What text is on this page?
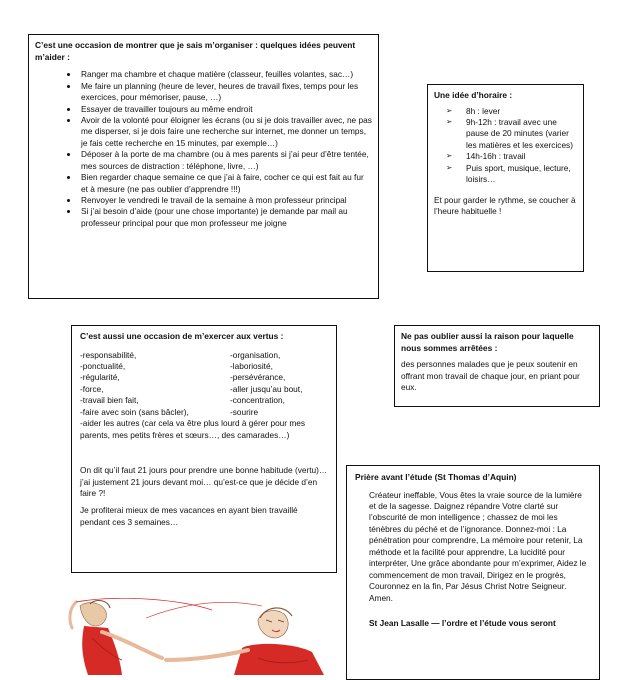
C’est une occasion de montrer que je sais m’organiser : quelques idées peuvent m’aider :
• Ranger ma chambre et chaque matière (classeur, feuilles volantes, sac…)
• Me faire un planning (heure de lever, heures de travail fixes, temps pour les exercices, pour mémoriser, pause, …)
• Essayer de travailler toujours au même endroit
• Avoir de la volonté pour éloigner les écrans (ou si je dois travailler avec, ne pas me disperser, si je dois faire une recherche sur internet, me donner un temps, je fais cette recherche en 15 minutes, par exemple…)
• Déposer à la porte de ma chambre (ou à mes parents si j’ai peur d’être tentée, mes sources de distraction : téléphone, livre, …)
• Bien regarder chaque semaine ce que j’ai à faire, cocher ce qui est fait au fur et à mesure (ne pas oublier d’apprendre !!!)
• Renvoyer le vendredi le travail de la semaine à mon professeur principal
• Si j’ai besoin d’aide (pour une chose importante) je demande par mail au professeur principal pour que mon professeur me joigne
Une idée d’horaire :
➢ 8h : lever
➢ 9h-12h : travail avec une pause de 20 minutes (varier les matières et les exercices)
➢ 14h-16h : travail
➢ Puis sport, musique, lecture, loisirs…

Et pour garder le rythme, se coucher à l’heure habituelle !

C’est aussi une occasion de m’exercer aux vertus :
-responsabilité,	-organisation,
-ponctualité,	-laboriosité,
-régularité,	-persévérance,
-force,	-aller jusqu’au bout,
-travail bien fait,	-concentration,
-faire avec soin (sans bâcler),	-sourire

-aider les autres (car cela va être plus lourd à gérer pour mes parents, mes petits frères et sœurs…, des camarades…)

On dit qu’il faut 21 jours pour prendre une bonne habitude (vertu)… j’ai justement 21 jours devant moi… qu’est-ce que je décide d’en faire ?!

Je profiterai mieux de mes vacances en ayant bien travaillé pendant ces 3 semaines…

Ne pas oublier aussi la raison pour laquelle nous sommes arrêtées :

des personnes malades que je peux soutenir en offrant mon travail de chaque jour, en priant pour eux.

Prière avant l’étude (St Thomas d’Aquin)

Créateur ineffable, Vous êtes la vraie source de la lumière et de la sagesse. Daignez répandre Votre clarté sur l’obscurité de mon intelligence ; chassez de moi les ténèbres du péché et de l’ignorance. Donnez-moi : La pénétration pour comprendre, La mémoire pour retenir, La méthode et la facilité pour apprendre, La lucidité pour interpréter, Une grâce abondante pour m’exprimer, Aidez le commencement de mon travail, Dirigez en le progrès, Couronnez en la fin, Par Jésus Christ Notre Seigneur.

Amen.

St Jean Lasalle — l’ordre et l’étude vous seront
